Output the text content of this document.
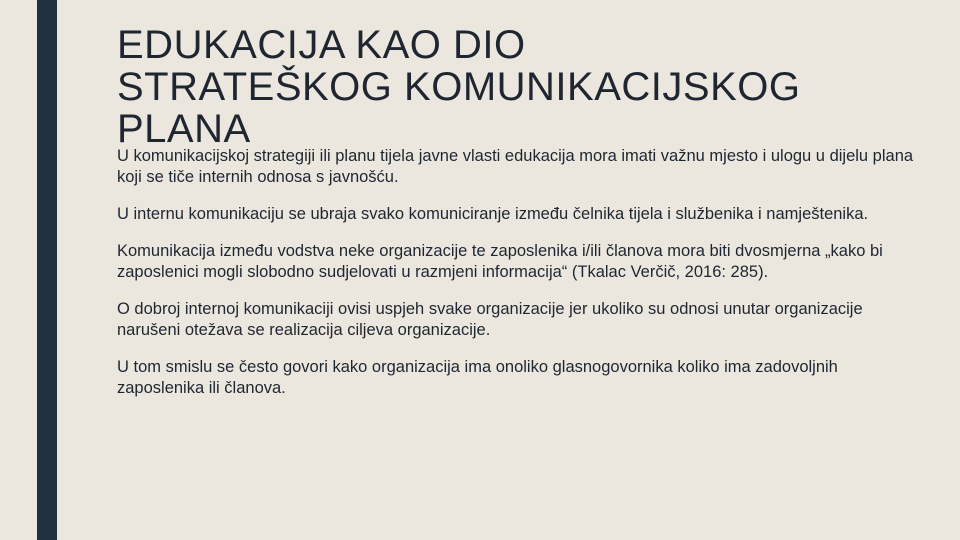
EDUKACIJA KAO DIO
STRATEŠKOG KOMUNIKACIJSKOG
PLANA

U komunikacijskoj strategiji ili planu tijela javne vlasti edukacija mora imati važnu mjesto i ulogu u dijelu plana koji se tiče internih odnosa s javnošću.

U internu komunikaciju se ubraja svako komuniciranje između čelnika tijela i službenika i namještenika.

Komunikacija između vodstva neke organizacije te zaposlenika i/ili članova mora biti dvosmjerna „kako bi zaposlenici mogli slobodno sudjelovati u razmjeni informacija“ (Tkalac Verčič, 2016: 285).

O dobroj internoj komunikaciji ovisi uspjeh svake organizacije jer ukoliko su odnosi unutar organizacije narušeni otežava se realizacija ciljeva organizacije.

U tom smislu se često govori kako organizacija ima onoliko glasnogovornika koliko ima zadovoljnih zaposlenika ili članova.
